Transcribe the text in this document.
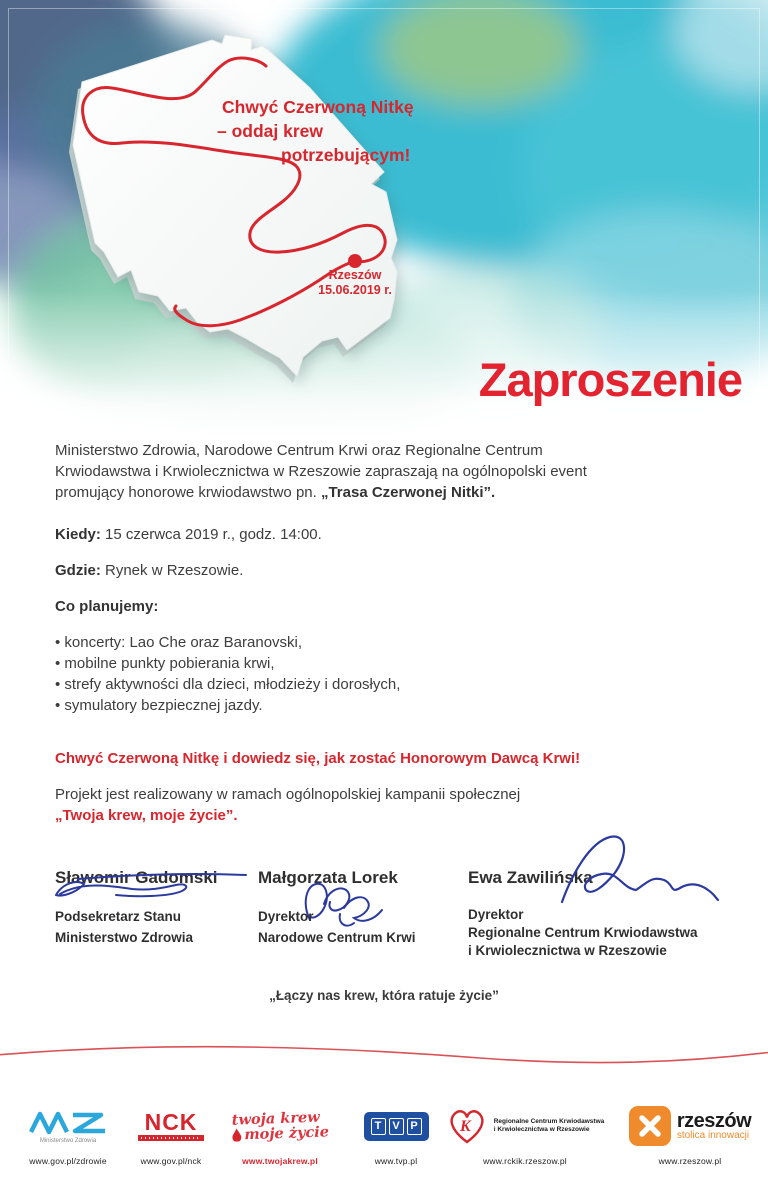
Chwyć Czerwoną Nitkę
– oddaj krew
potrzebującym!
Rzeszów
15.06.2019 r.
Zaproszenie
Ministerstwo Zdrowia, Narodowe Centrum Krwi oraz Regionalne Centrum
Krwiodawstwa i Krwiolecznictwa w Rzeszowie zapraszają na ogólnopolski event
promujący honorowe krwiodawstwo pn. „Trasa Czerwonej Nitki”.
Kiedy: 15 czerwca 2019 r., godz. 14:00.
Gdzie: Rynek w Rzeszowie.
Co planujemy:
• koncerty: Lao Che oraz Baranovski,
• mobilne punkty pobierania krwi,
• strefy aktywności dla dzieci, młodzieży i dorosłych,
• symulatory bezpiecznej jazdy.
Chwyć Czerwoną Nitkę i dowiedz się, jak zostać Honorowym Dawcą Krwi!
Projekt jest realizowany w ramach ogólnopolskiej kampanii społecznej
„Twoja krew, moje życie”.
Sławomir Gadomski
Podsekretarz Stanu
Ministerstwo Zdrowia
Małgorzata Lorek
Dyrektor
Narodowe Centrum Krwi
Ewa Zawilińska
Dyrektor
Regionalne Centrum Krwiodawstwa
i Krwiolecznictwa w Rzeszowie
„Łączy nas krew, która ratuje życie”
Ministerstwo Zdrowia
www.gov.pl/zdrowie
NCK
www.gov.pl/nck
twoja krew
moje życie
www.twojakrew.pl
T V P
www.tvp.pl
K	Regionalne Centrum Krwiodawstwa
i Krwiolecznictwa w Rzeszowie
www.rckik.rzeszow.pl
rzeszów
stolica innowacji
www.rzeszow.pl
